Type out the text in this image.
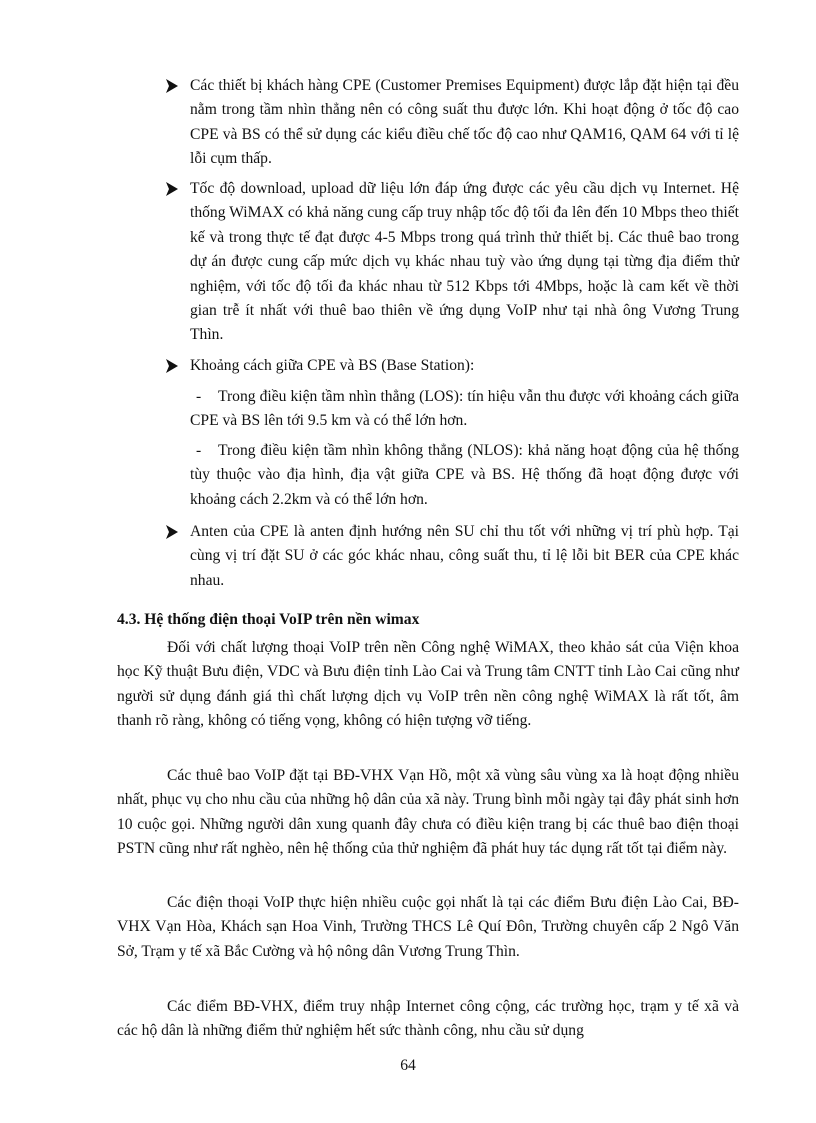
Các thiết bị khách hàng CPE (Customer Premises Equipment) được lắp đặt hiện tại đều nằm trong tầm nhìn thẳng nên có công suất thu được lớn. Khi hoạt động ở tốc độ cao CPE và BS có thể sử dụng các kiểu điều chế tốc độ cao như QAM16, QAM 64 với tỉ lệ lỗi cụm thấp.
Tốc độ download, upload dữ liệu lớn đáp ứng được các yêu cầu dịch vụ Internet. Hệ thống WiMAX có khả năng cung cấp truy nhập tốc độ tối đa lên đến 10 Mbps theo thiết kế và trong thực tế đạt được 4-5 Mbps trong quá trình thử thiết bị. Các thuê bao trong dự án được cung cấp mức dịch vụ khác nhau tuỳ vào ứng dụng tại từng địa điểm thử nghiệm, với tốc độ tối đa khác nhau từ 512 Kbps tới 4Mbps, hoặc là cam kết về thời gian trễ ít nhất với thuê bao thiên về ứng dụng VoIP như tại nhà ông Vương Trung Thìn.
Khoảng cách giữa CPE và BS (Base Station):
- Trong điều kiện tầm nhìn thẳng (LOS): tín hiệu vẫn thu được với khoảng cách giữa CPE và BS lên tới 9.5 km và có thể lớn hơn.
- Trong điều kiện tầm nhìn không thẳng (NLOS): khả năng hoạt động của hệ thống tùy thuộc vào địa hình, địa vật giữa CPE và BS. Hệ thống đã hoạt động được với khoảng cách 2.2km và có thể lớn hơn.
Anten của CPE là anten định hướng nên SU chỉ thu tốt với những vị trí phù hợp. Tại cùng vị trí đặt SU ở các góc khác nhau, công suất thu, tỉ lệ lỗi bit BER của CPE khác nhau.
4.3. Hệ thống điện thoại VoIP trên nền wimax
Đối với chất lượng thoại VoIP trên nền Công nghệ WiMAX, theo khảo sát của Viện khoa học Kỹ thuật Bưu điện, VDC và Bưu điện tỉnh Lào Cai và Trung tâm CNTT tỉnh Lào Cai cũng như người sử dụng đánh giá thì chất lượng dịch vụ VoIP trên nền công nghệ WiMAX là rất tốt, âm thanh rõ ràng, không có tiếng vọng, không có hiện tượng vỡ tiếng.
Các thuê bao VoIP đặt tại BĐ-VHX Vạn Hồ, một xã vùng sâu vùng xa là hoạt động nhiều nhất, phục vụ cho nhu cầu của những hộ dân của xã này. Trung bình mỗi ngày tại đây phát sinh hơn 10 cuộc gọi. Những người dân xung quanh đây chưa có điều kiện trang bị các thuê bao điện thoại PSTN cũng như rất nghèo, nên hệ thống của thử nghiệm đã phát huy tác dụng rất tốt tại điểm này.
Các điện thoại VoIP thực hiện nhiều cuộc gọi nhất là tại các điểm Bưu điện Lào Cai, BĐ-VHX Vạn Hòa, Khách sạn Hoa Vinh, Trường THCS Lê Quí Đôn, Trường chuyên cấp 2 Ngô Văn Sở, Trạm y tế xã Bắc Cường và hộ nông dân Vương Trung Thìn.
Các điểm BĐ-VHX, điểm truy nhập Internet công cộng, các trường học, trạm y tế xã và các hộ dân là những điểm thử nghiệm hết sức thành công, nhu cầu sử dụng
64
